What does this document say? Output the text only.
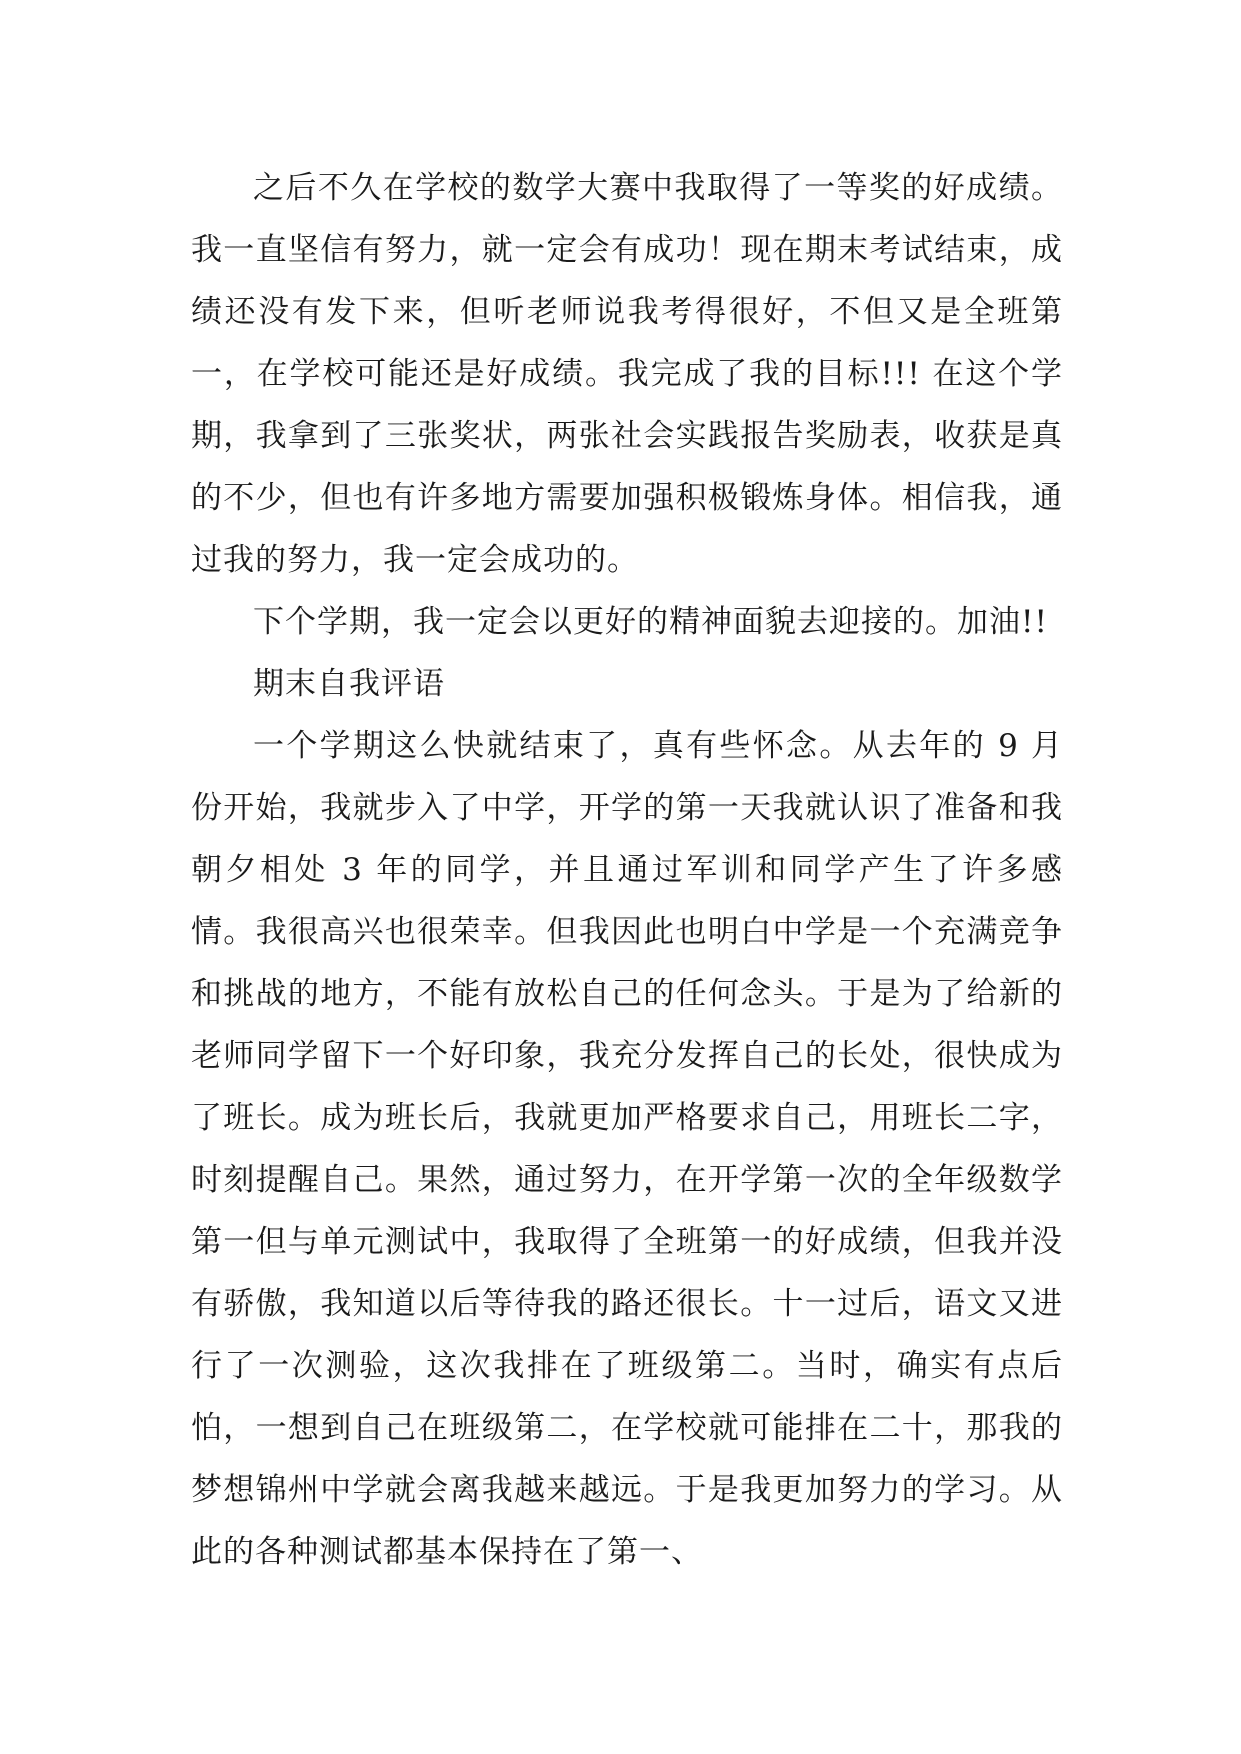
之后不久在学校的数学大赛中我取得了一等奖的好成绩。我一直坚信有努力，就一定会有成功！现在期末考试结束，成绩还没有发下来，但听老师说我考得很好，不但又是全班第一，在学校可能还是好成绩。我完成了我的目标!!! 在这个学期，我拿到了三张奖状，两张社会实践报告奖励表，收获是真的不少，但也有许多地方需要加强积极锻炼身体。相信我，通过我的努力，我一定会成功的。

下个学期，我一定会以更好的精神面貌去迎接的。加油!!

期末自我评语

一个学期这么快就结束了，真有些怀念。从去年的 9 月份开始，我就步入了中学，开学的第一天我就认识了准备和我朝夕相处 3 年的同学，并且通过军训和同学产生了许多感情。我很高兴也很荣幸。但我因此也明白中学是一个充满竞争和挑战的地方，不能有放松自己的任何念头。于是为了给新的老师同学留下一个好印象，我充分发挥自己的长处，很快成为了班长。成为班长后，我就更加严格要求自己，用班长二字，时刻提醒自己。果然，通过努力，在开学第一次的全年级数学第一但与单元测试中，我取得了全班第一的好成绩，但我并没有骄傲，我知道以后等待我的路还很长。十一过后，语文又进行了一次测验，这次我排在了班级第二。当时，确实有点后怕，一想到自己在班级第二，在学校就可能排在二十，那我的梦想锦州中学就会离我越来越远。于是我更加努力的学习。从此的各种测试都基本保持在了第一、
